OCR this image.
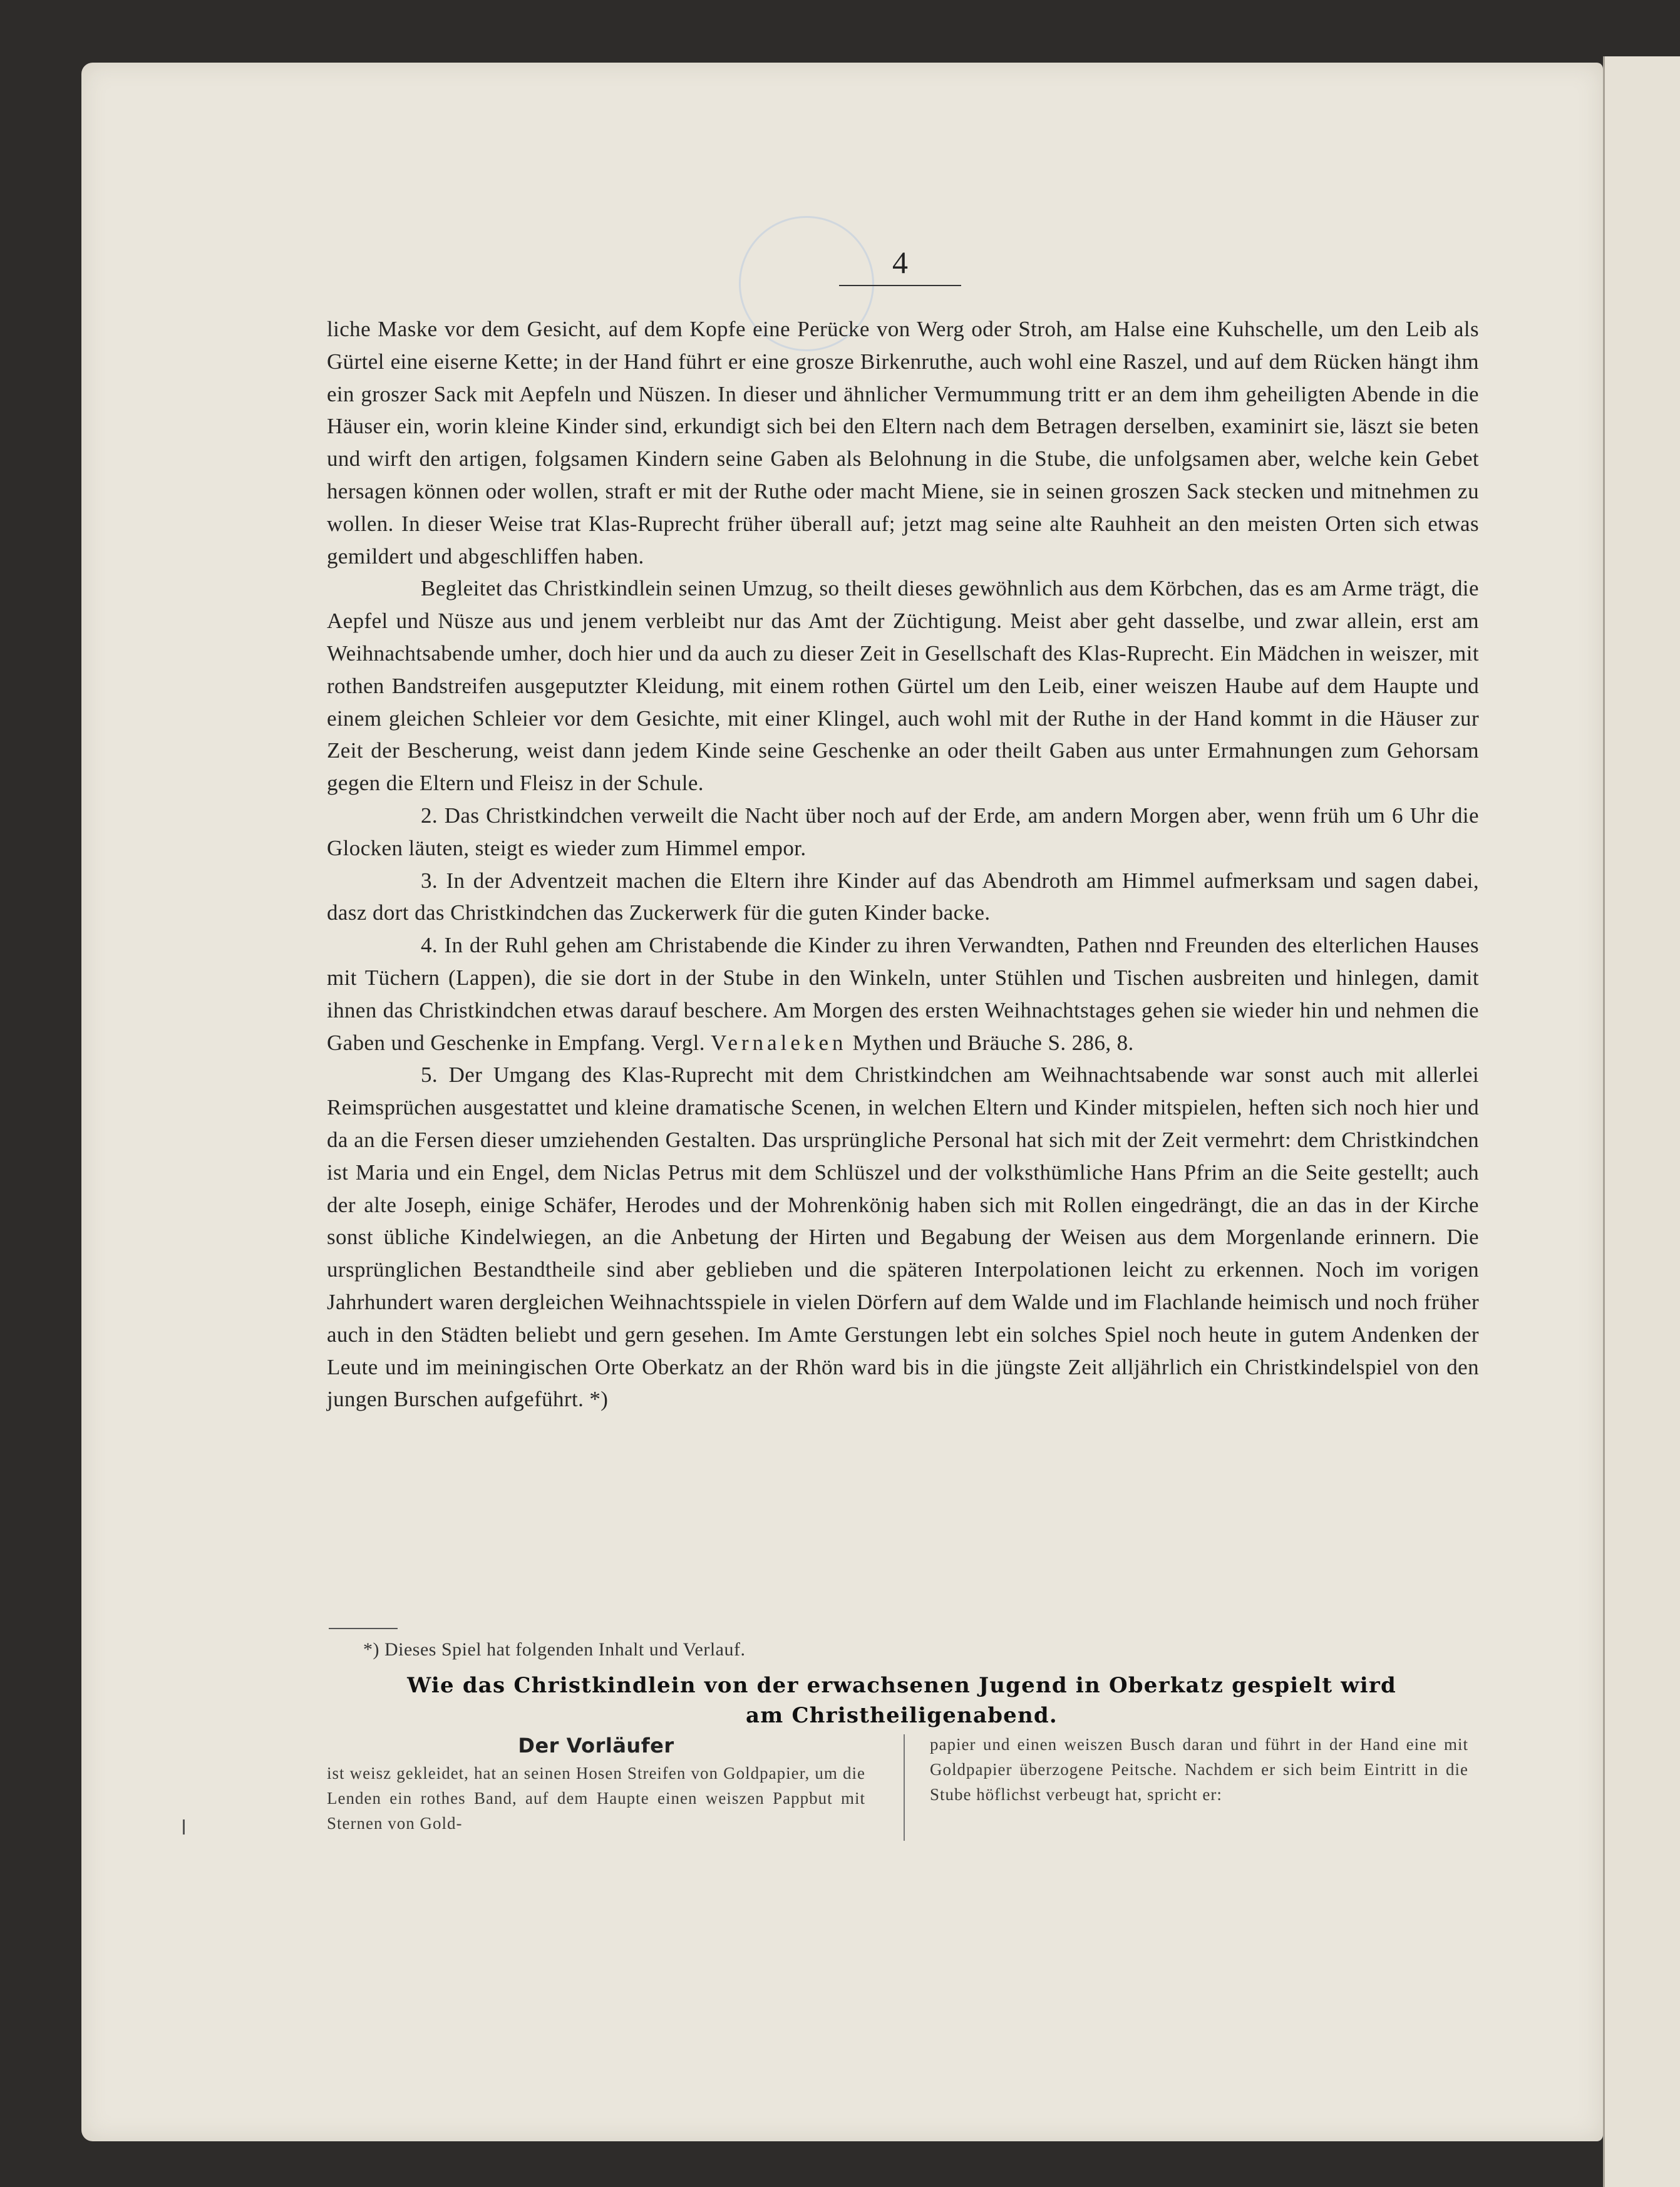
4

liche Maske vor dem Gesicht, auf dem Kopfe eine Perücke von Werg oder Stroh, am Halse eine Kuhschelle, um den Leib als Gürtel eine eiserne Kette; in der Hand führt er eine grosze Birkenruthe, auch wohl eine Raszel, und auf dem Rücken hängt ihm ein groszer Sack mit Aepfeln und Nüszen. In dieser und ähnlicher Vermummung tritt er an dem ihm geheiligten Abende in die Häuser ein, worin kleine Kinder sind, erkundigt sich bei den Eltern nach dem Betragen derselben, examinirt sie, läszt sie beten und wirft den artigen, folgsamen Kindern seine Gaben als Belohnung in die Stube, die unfolgsamen aber, welche kein Gebet hersagen können oder wollen, straft er mit der Ruthe oder macht Miene, sie in seinen groszen Sack stecken und mitnehmen zu wollen. In dieser Weise trat Klas-Ruprecht früher überall auf; jetzt mag seine alte Rauhheit an den meisten Orten sich etwas gemildert und abgeschliffen haben.

Begleitet das Christkindlein seinen Umzug, so theilt dieses gewöhnlich aus dem Körbchen, das es am Arme trägt, die Aepfel und Nüsze aus und jenem verbleibt nur das Amt der Züchtigung. Meist aber geht dasselbe, und zwar allein, erst am Weihnachtsabende umher, doch hier und da auch zu dieser Zeit in Gesellschaft des Klas-Ruprecht. Ein Mädchen in weiszer, mit rothen Bandstreifen ausgeputzter Kleidung, mit einem rothen Gürtel um den Leib, einer weiszen Haube auf dem Haupte und einem gleichen Schleier vor dem Gesichte, mit einer Klingel, auch wohl mit der Ruthe in der Hand kommt in die Häuser zur Zeit der Bescherung, weist dann jedem Kinde seine Geschenke an oder theilt Gaben aus unter Ermahnungen zum Gehorsam gegen die Eltern und Fleisz in der Schule.

2. Das Christkindchen verweilt die Nacht über noch auf der Erde, am andern Morgen aber, wenn früh um 6 Uhr die Glocken läuten, steigt es wieder zum Himmel empor.

3. In der Adventzeit machen die Eltern ihre Kinder auf das Abendroth am Himmel aufmerksam und sagen dabei, dasz dort das Christkindchen das Zuckerwerk für die guten Kinder backe.

4. In der Ruhl gehen am Christabende die Kinder zu ihren Verwandten, Pathen nnd Freunden des elterlichen Hauses mit Tüchern (Lappen), die sie dort in der Stube in den Winkeln, unter Stühlen und Tischen ausbreiten und hinlegen, damit ihnen das Christkindchen etwas darauf beschere. Am Morgen des ersten Weihnachtstages gehen sie wieder hin und nehmen die Gaben und Geschenke in Empfang. Vergl. Vernaleken Mythen und Bräuche S. 286, 8.

5. Der Umgang des Klas-Ruprecht mit dem Christkindchen am Weihnachtsabende war sonst auch mit allerlei Reimsprüchen ausgestattet und kleine dramatische Scenen, in welchen Eltern und Kinder mitspielen, heften sich noch hier und da an die Fersen dieser umziehenden Gestalten. Das ursprüngliche Personal hat sich mit der Zeit vermehrt: dem Christkindchen ist Maria und ein Engel, dem Niclas Petrus mit dem Schlüszel und der volksthümliche Hans Pfrim an die Seite gestellt; auch der alte Joseph, einige Schäfer, Herodes und der Mohrenkönig haben sich mit Rollen eingedrängt, die an das in der Kirche sonst übliche Kindelwiegen, an die Anbetung der Hirten und Begabung der Weisen aus dem Morgenlande erinnern. Die ursprünglichen Bestandtheile sind aber geblieben und die späteren Interpolationen leicht zu erkennen. Noch im vorigen Jahrhundert waren dergleichen Weihnachtsspiele in vielen Dörfern auf dem Walde und im Flachlande heimisch und noch früher auch in den Städten beliebt und gern gesehen. Im Amte Gerstungen lebt ein solches Spiel noch heute in gutem Andenken der Leute und im meiningischen Orte Oberkatz an der Rhön ward bis in die jüngste Zeit alljährlich ein Christkindelspiel von den jungen Burschen aufgeführt. *)

*) Dieses Spiel hat folgenden Inhalt und Verlauf.
Wie das Christkindlein von der erwachsenen Jugend in Oberkatz gespielt wird
am Christheiligenabend.
Der Vorläufer
ist weisz gekleidet, hat an seinen Hosen Streifen von Goldpapier, um die Lenden ein rothes Band, auf dem Haupte einen weiszen Pappbut mit Sternen von Gold-
papier und einen weiszen Busch daran und führt in der Hand eine mit Goldpapier überzogene Peitsche. Nachdem er sich beim Eintritt in die Stube höflichst verbeugt hat, spricht er:
